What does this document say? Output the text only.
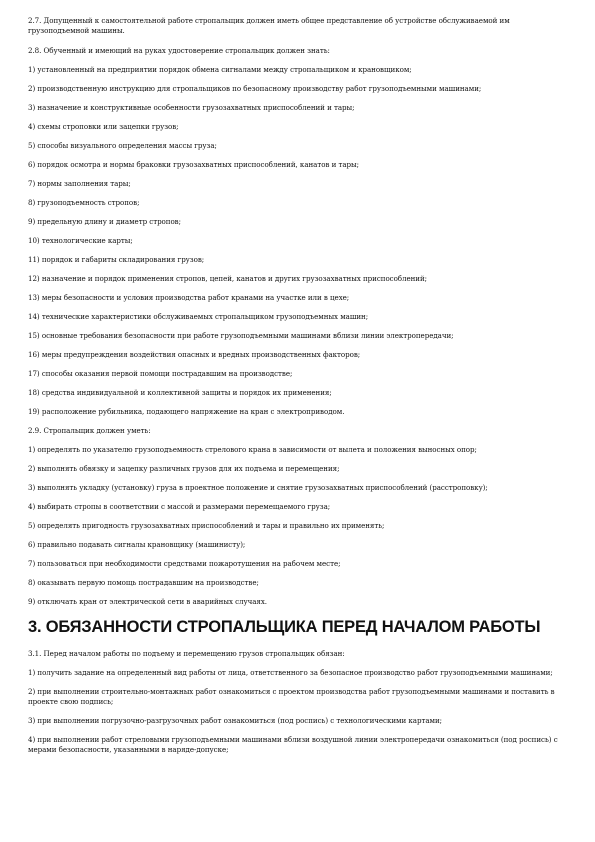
2.7. Допущенный к самостоятельной работе стропальщик должен иметь общее представление об устройстве обслуживаемой им грузоподъемной машины.

2.8. Обученный и имеющий на руках удостоверение стропальщик должен знать:

1) установленный на предприятии порядок обмена сигналами между стропальщиком и крановщиком;

2) производственную инструкцию для стропальщиков по безопасному производству работ грузоподъемными машинами;

3) назначение и конструктивные особенности грузозахватных приспособлений и тары;

4) схемы строповки или зацепки грузов;

5) способы визуального определения массы груза;

6) порядок осмотра и нормы браковки грузозахватных приспособлений, канатов и тары;

7) нормы заполнения тары;

8) грузоподъемность стропов;

9) предельную длину и диаметр стропов;

10) технологические карты;

11) порядок и габариты складирования грузов;

12) назначение и порядок применения стропов, цепей, канатов и других грузозахватных приспособлений;

13) меры безопасности и условия производства работ кранами на участке или в цехе;

14) технические характеристики обслуживаемых стропальщиком грузоподъемных машин;

15) основные требования безопасности при работе грузоподъемными машинами вблизи линии электропередачи;

16) меры предупреждения воздействия опасных и вредных производственных факторов;

17) способы оказания первой помощи пострадавшим на производстве;

18) средства индивидуальной и коллективной защиты и порядок их применения;

19) расположение рубильника, подающего напряжение на кран с электроприводом.

2.9. Стропальщик должен уметь:

1) определять по указателю грузоподъемность стрелового крана в зависимости от вылета и положения выносных опор;

2) выполнять обвязку и зацепку различных грузов для их подъема и перемещения;

3) выполнять укладку (установку) груза в проектное положение и снятие грузозахватных приспособлений (расстроповку);

4) выбирать стропы в соответствии с массой и размерами перемещаемого груза;

5) определять пригодность грузозахватных приспособлений и тары и правильно их применять;

6) правильно подавать сигналы крановщику (машинисту);

7) пользоваться при необходимости средствами пожаротушения на рабочем месте;

8) оказывать первую помощь пострадавшим на производстве;

9) отключать кран от электрической сети в аварийных случаях.

3. ОБЯЗАННОСТИ СТРОПАЛЬЩИКА ПЕРЕД НАЧАЛОМ РАБОТЫ

3.1. Перед началом работы по подъему и перемещению грузов стропальщик обязан:

1) получить задание на определенный вид работы от лица, ответственного за безопасное производство работ грузоподъемными машинами;

2) при выполнении строительно-монтажных работ ознакомиться с проектом производства работ грузоподъемными машинами и поставить в проекте свою подпись;

3) при выполнении погрузочно-разгрузочных работ ознакомиться (под роспись) с технологическими картами;

4) при выполнении работ стреловыми грузоподъемными машинами вблизи воздушной линии электропередачи ознакомиться (под роспись) с мерами безопасности, указанными в наряде-допуске;
